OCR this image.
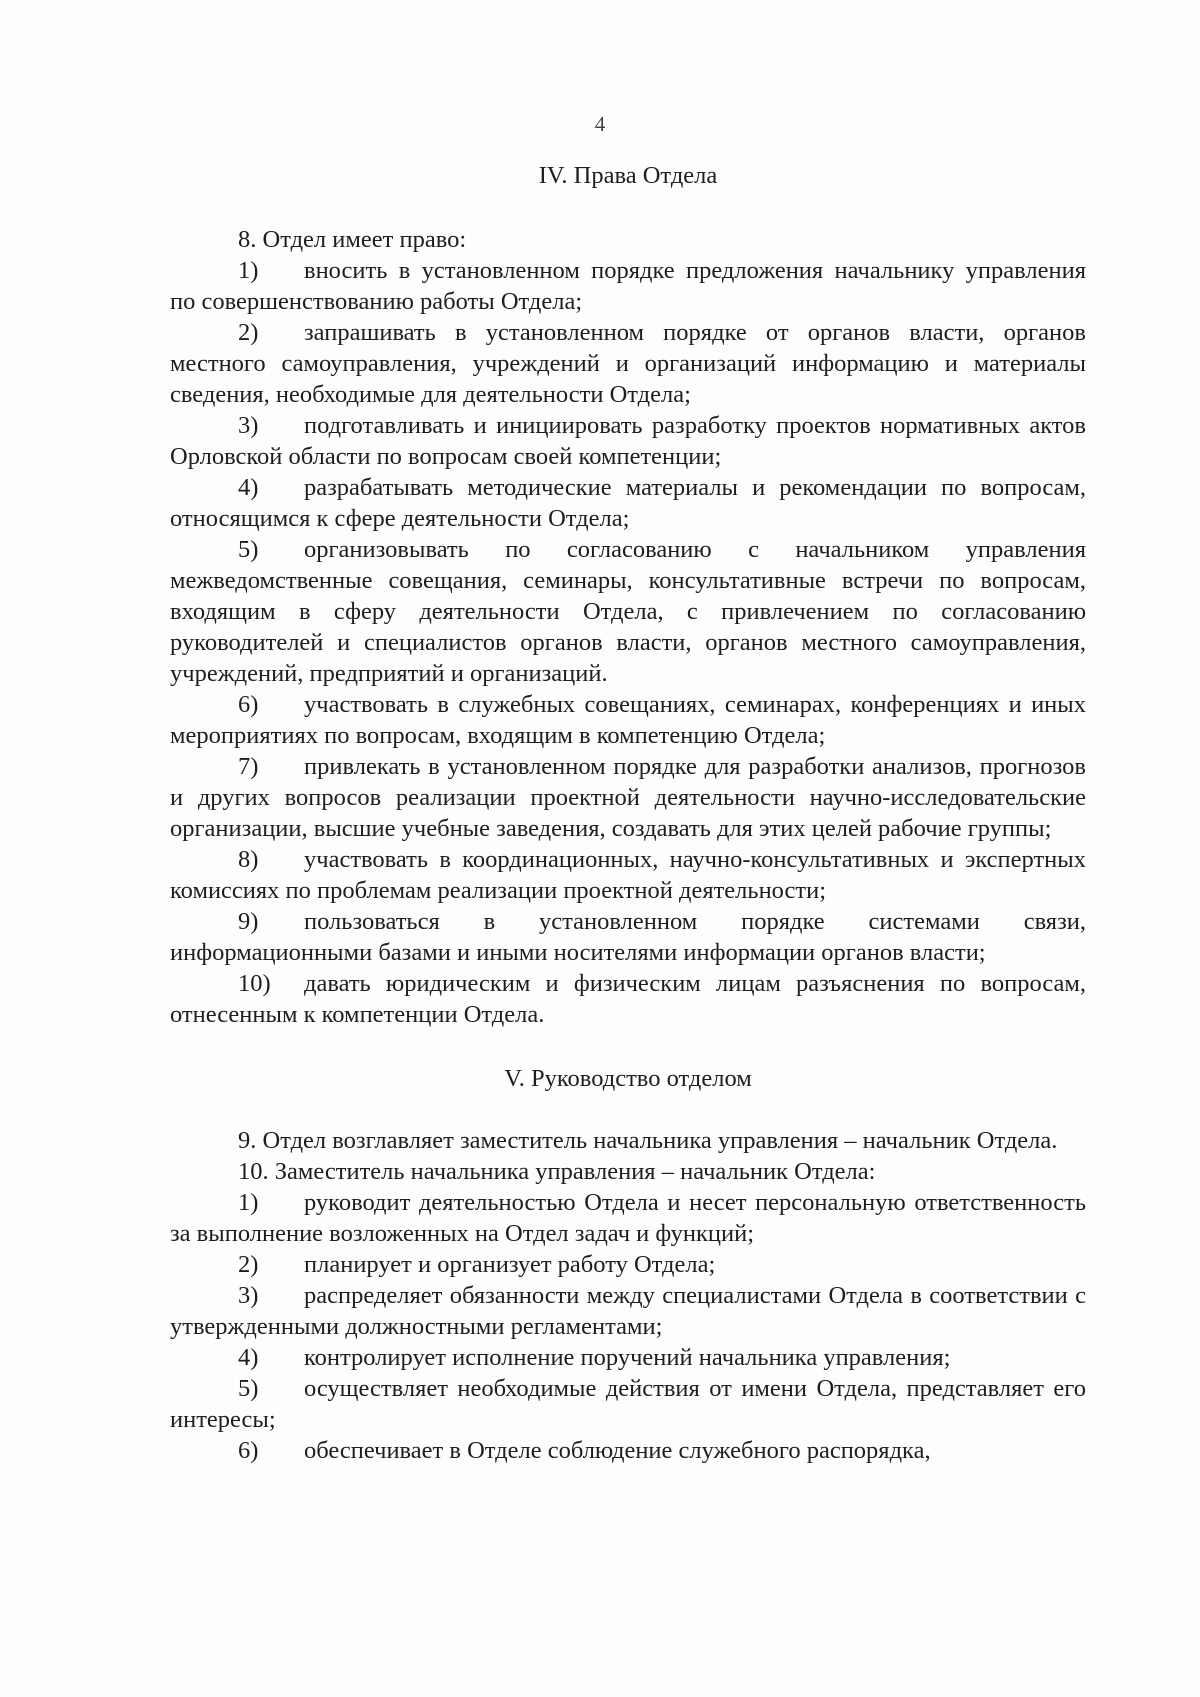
4
IV. Права Отдела

8. Отдел имеет право:

1) вносить в установленном порядке предложения начальнику управления по совершенствованию работы Отдела;

2) запрашивать в установленном порядке от органов власти, органов местного самоуправления, учреждений и организаций информацию и материалы сведения, необходимые для деятельности Отдела;

3) подготавливать и инициировать разработку проектов нормативных актов Орловской области по вопросам своей компетенции;

4) разрабатывать методические материалы и рекомендации по вопросам, относящимся к сфере деятельности Отдела;

5) организовывать по согласованию с начальником управления межведомственные совещания, семинары, консультативные встречи по вопросам, входящим в сферу деятельности Отдела, с привлечением по согласованию руководителей и специалистов органов власти, органов местного самоуправления, учреждений, предприятий и организаций.

6) участвовать в служебных совещаниях, семинарах, конференциях и иных мероприятиях по вопросам, входящим в компетенцию Отдела;

7) привлекать в установленном порядке для разработки анализов, прогнозов и других вопросов реализации проектной деятельности научно-исследовательские организации, высшие учебные заведения, создавать для этих целей рабочие группы;

8) участвовать в координационных, научно-консультативных и экспертных комиссиях по проблемам реализации проектной деятельности;

9) пользоваться в установленном порядке системами связи, информационными базами и иными носителями информации органов власти;

10) давать юридическим и физическим лицам разъяснения по вопросам, отнесенным к компетенции Отдела.

V. Руководство отделом

9. Отдел возглавляет заместитель начальника управления – начальник Отдела.

10. Заместитель начальника управления – начальник Отдела:

1) руководит деятельностью Отдела и несет персональную ответственность за выполнение возложенных на Отдел задач и функций;

2) планирует и организует работу Отдела;

3) распределяет обязанности между специалистами Отдела в соответствии с утвержденными должностными регламентами;

4) контролирует исполнение поручений начальника управления;

5) осуществляет необходимые действия от имени Отдела, представляет его интересы;

6) обеспечивает в Отделе соблюдение служебного распорядка,
